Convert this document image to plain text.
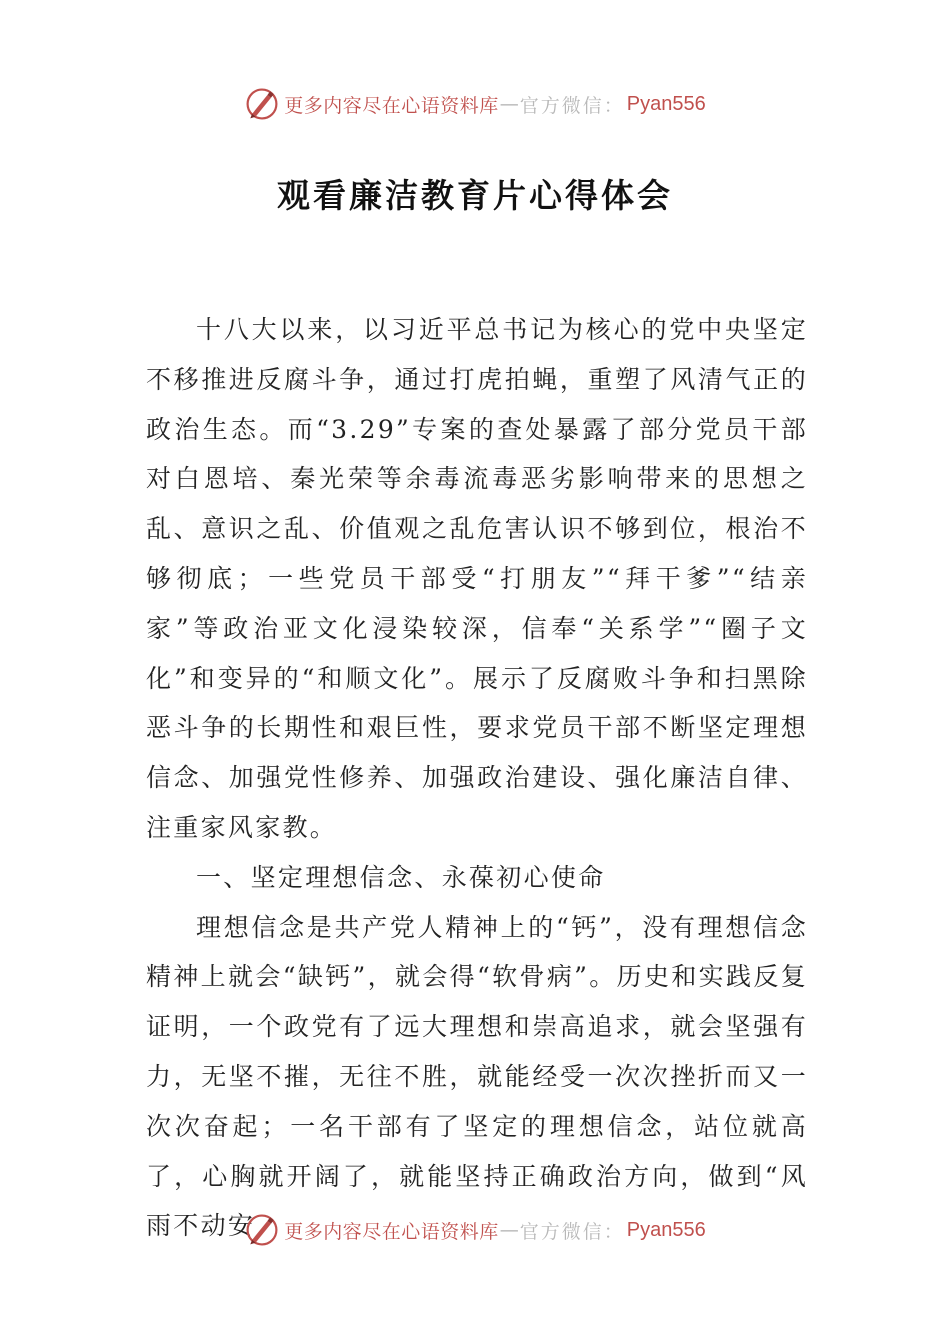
更多内容尽在心语资料库 — 官方微信： Pyan556
观看廉洁教育片心得体会

十八大以来，以习近平总书记为核心的党中央坚定不移推进反腐斗争，通过打虎拍蝇，重塑了风清气正的政治生态。而“3.29”专案的查处暴露了部分党员干部对白恩培、秦光荣等余毒流毒恶劣影响带来的思想之乱、意识之乱、价值观之乱危害认识不够到位，根治不够彻底；一些党员干部受“打朋友”“拜干爹”“结亲家”等政治亚文化浸染较深，信奉“关系学”“圈子文化”和变异的“和顺文化”。展示了反腐败斗争和扫黑除恶斗争的长期性和艰巨性，要求党员干部不断坚定理想信念、加强党性修养、加强政治建设、强化廉洁自律、注重家风家教。

一、坚定理想信念、永葆初心使命

理想信念是共产党人精神上的“钙”，没有理想信念精神上就会“缺钙”，就会得“软骨病”。历史和实践反复证明，一个政党有了远大理想和崇高追求，就会坚强有力，无坚不摧，无往不胜，就能经受一次次挫折而又一次次奋起；一名干部有了坚定的理想信念，站位就高了，心胸就开阔了，就能坚持正确政治方向，做到“风雨不动安	更多内容尽在心语资料库 — 官方微信： Pyan556
